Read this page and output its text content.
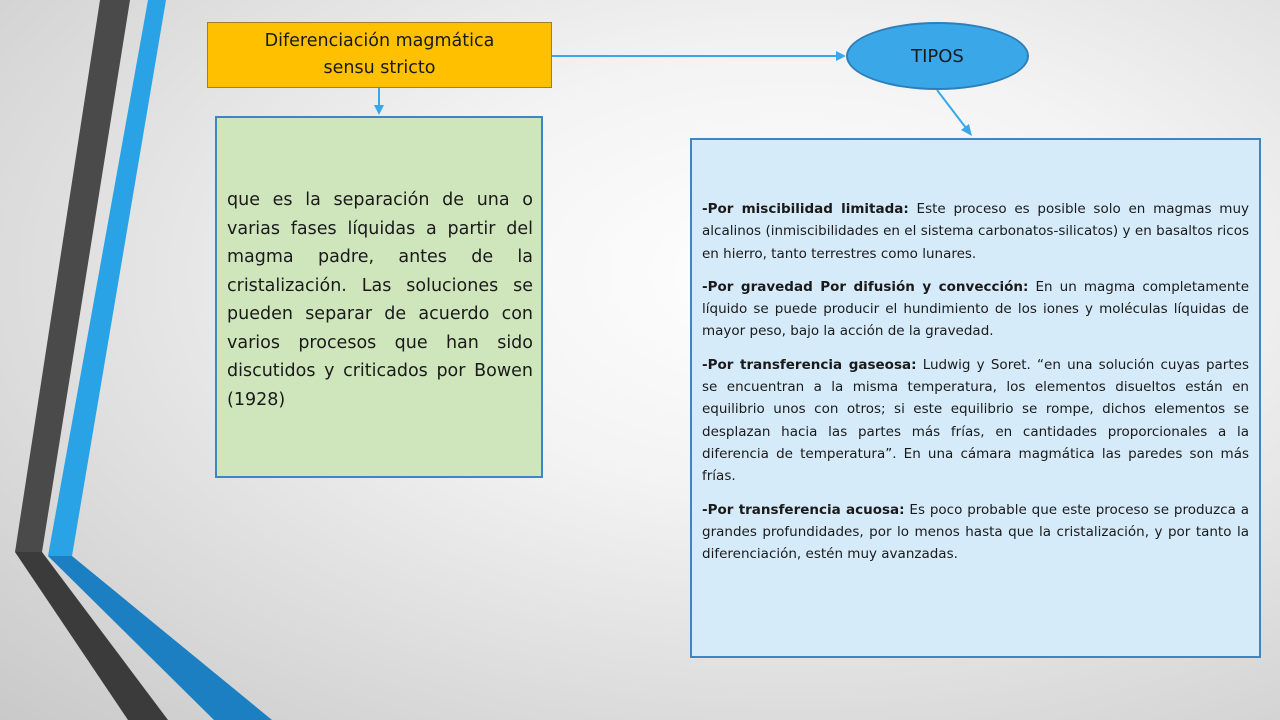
Diferenciación magmática
sensu stricto
TIPOS
que es la separación de una o varias fases líquidas a partir del magma padre, antes de la cristalización. Las soluciones se pueden separar de acuerdo con varios procesos que han sido discutidos y criticados por Bowen (1928)

-Por miscibilidad limitada: Este proceso es posible solo en magmas muy alcalinos (inmiscibilidades en el sistema carbonatos-silicatos) y en basaltos ricos en hierro, tanto terrestres como lunares.

-Por gravedad Por difusión y convección: En un magma completamente líquido se puede producir el hundimiento de los iones y moléculas líquidas de mayor peso, bajo la acción de la gravedad.

-Por transferencia gaseosa: Ludwig y Soret. “en una solución cuyas partes se encuentran a la misma temperatura, los elementos disueltos están en equilibrio unos con otros; si este equilibrio se rompe, dichos elementos se desplazan hacia las partes más frías, en cantidades proporcionales a la diferencia de temperatura”. En una cámara magmática las paredes son más frías.

-Por transferencia acuosa: Es poco probable que este proceso se produzca a grandes profundidades, por lo menos hasta que la cristalización, y por tanto la diferenciación, estén muy avanzadas.
